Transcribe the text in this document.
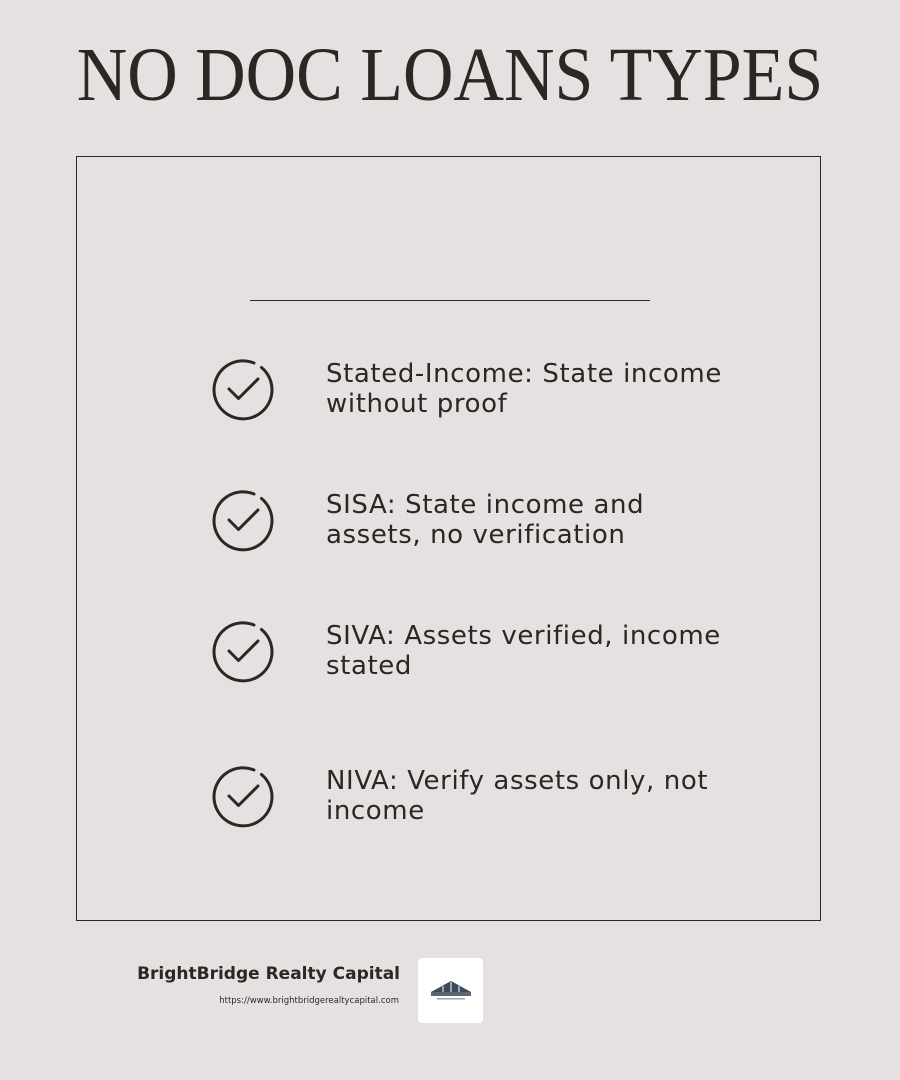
NO DOC LOANS TYPES
Stated-Income: State income without proof
SISA: State income and assets, no verification
SIVA: Assets verified, income stated
NIVA: Verify assets only, not income
BrightBridge Realty Capital
https://www.brightbridgerealtycapital.com
